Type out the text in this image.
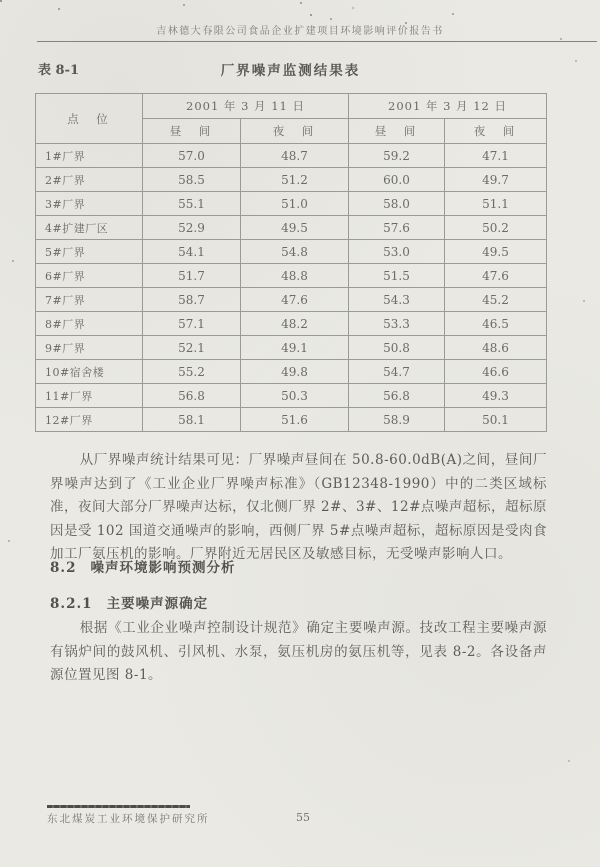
吉林德大有限公司食品企业扩建项目环境影响评价报告书
表 8-1	厂界噪声监测结果表
点　位	2001 年 3 月 11 日		2001 年 3 月 12 日	
	昼　间	夜　间	昼　间	夜　间
1#厂界	57.0	48.7	59.2	47.1
2#厂界	58.5	51.2	60.0	49.7
3#厂界	55.1	51.0	58.0	51.1
4#扩建厂区	52.9	49.5	57.6	50.2
5#厂界	54.1	54.8	53.0	49.5
6#厂界	51.7	48.8	51.5	47.6
7#厂界	58.7	47.6	54.3	45.2
8#厂界	57.1	48.2	53.3	46.5
9#厂界	52.1	49.1	50.8	48.6
10#宿舍楼	55.2	49.8	54.7	46.6
11#厂界	56.8	50.3	56.8	49.3
12#厂界	58.1	51.6	58.9	50.1

从厂界噪声统计结果可见：厂界噪声昼间在 50.8-60.0dB(A)之间，昼间厂界噪声达到了《工业企业厂界噪声标准》（GB12348-1990）中的二类区域标准，夜间大部分厂界噪声达标，仅北侧厂界 2#、3#、12#点噪声超标，超标原因是受 102 国道交通噪声的影响，西侧厂界 5#点噪声超标，超标原因是受肉食加工厂氨压机的影响。厂界附近无居民区及敏感目标，无受噪声影响人口。

8.2 噪声环境影响预测分析
8.2.1 主要噪声源确定

根据《工业企业噪声控制设计规范》确定主要噪声源。技改工程主要噪声源有锅炉间的鼓风机、引风机、水泵，氨压机房的氨压机等，见表 8-2。各设备声源位置见图 8-1。

东北煤炭工业环境保护研究所	55
